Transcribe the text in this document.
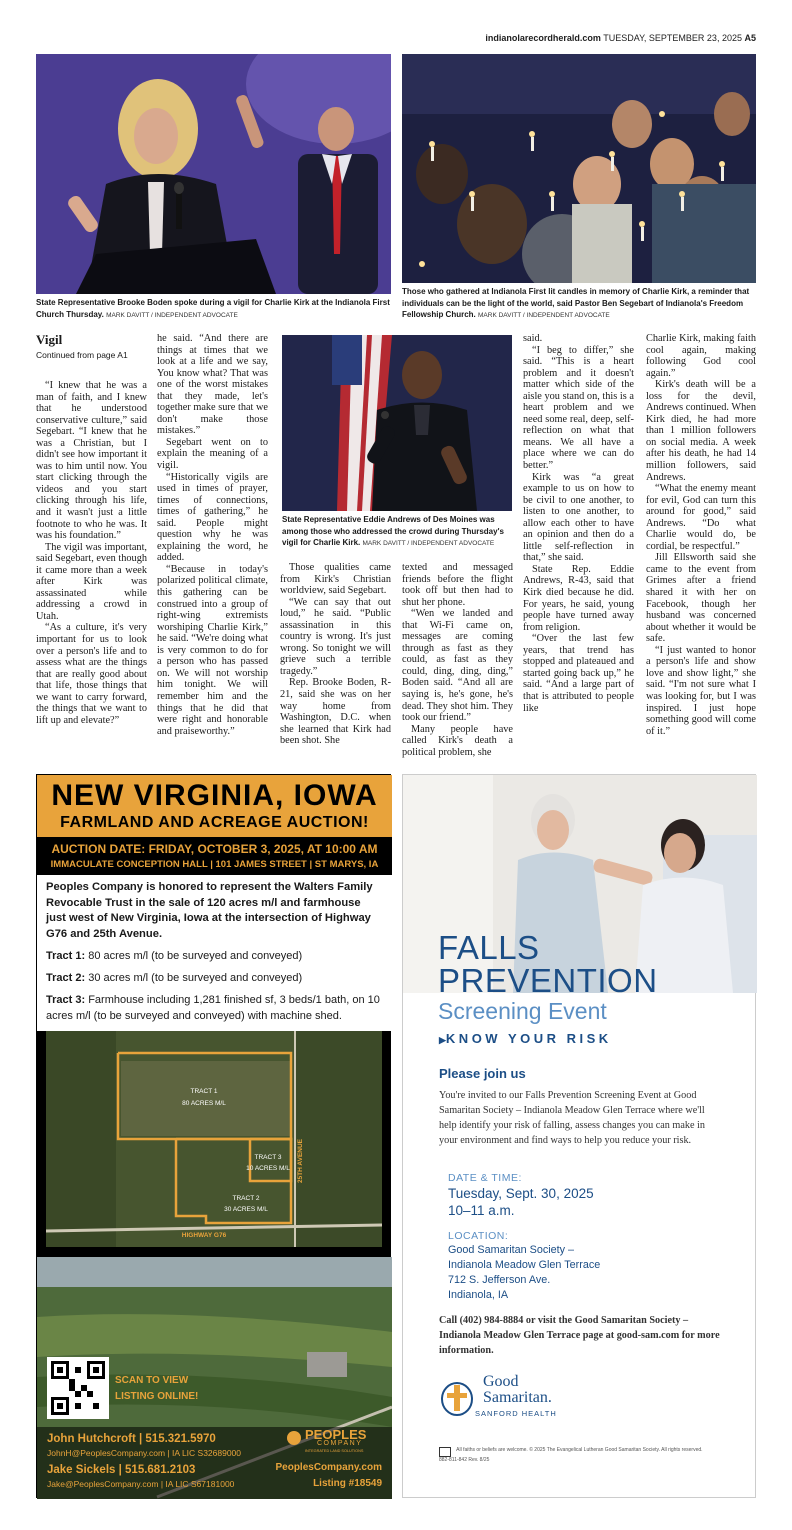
indianolarecordherald.com TUESDAY, SEPTEMBER 23, 2025 A5
State Representative Brooke Boden spoke during a vigil for Charlie Kirk at the Indianola First Church Thursday. MARK DAVITT / INDEPENDENT ADVOCATE
Those who gathered at Indianola First lit candles in memory of Charlie Kirk, a reminder that individuals can be the light of the world, said Pastor Ben Segebart of Indianola's Freedom Fellowship Church. MARK DAVITT / INDEPENDENT ADVOCATE
State Representative Eddie Andrews of Des Moines was among those who addressed the crowd during Thursday's vigil for Charlie Kirk. MARK DAVITT / INDEPENDENT ADVOCATE
Vigil
Continued from page A1

“I knew that he was a man of faith, and I knew that he understood conservative culture,” said Segebart. “I knew that he was a Christian, but I didn't see how important it was to him until now. You start clicking through the videos and you start clicking through his life, and it wasn't just a little footnote to who he was. It was his foundation.”

The vigil was important, said Segebart, even though it came more than a week after Kirk was assassinated while addressing a crowd in Utah.

“As a culture, it's very important for us to look over a person's life and to assess what are the things that are really good about that life, those things that we want to carry forward, the things that we want to lift up and elevate?”

he said. “And there are things at times that we look at a life and we say, You know what? That was one of the worst mistakes that they made, let's together make sure that we don't make those mistakes.”

Segebart went on to explain the meaning of a vigil.

“Historically vigils are used in times of prayer, times of connections, times of gathering,” he said. People might question why he was explaining the word, he added.

“Because in today's polarized political climate, this gathering can be construed into a group of right-wing extremists worshiping Charlie Kirk,” he said. “We're doing what is very common to do for a person who has passed on. We will not worship him tonight. We will remember him and the things that he did that were right and honorable and praiseworthy.”

Those qualities came from Kirk's Christian worldview, said Segebart.

“We can say that out loud,” he said. “Public assassination in this country is wrong. It's just wrong. So tonight we will grieve such a terrible tragedy.”

Rep. Brooke Boden, R-21, said she was on her way home from Washington, D.C. when she learned that Kirk had been shot. She

texted and messaged friends before the flight took off but then had to shut her phone.

“Wen we landed and that Wi-Fi came on, messages are coming through as fast as they could, as fast as they could, ding, ding, ding,” Boden said. “And all are saying is, he's gone, he's dead. They shot him. They took our friend.”

Many people have called Kirk's death a political problem, she

said.

“I beg to differ,” she said. “This is a heart problem and it doesn't matter which side of the aisle you stand on, this is a heart problem and we need some real, deep, self-reflection on what that means. We all have a place where we can do better.”

Kirk was “a great example to us on how to be civil to one another, to listen to one another, to allow each other to have an opinion and then do a little self-reflection in that,” she said.

State Rep. Eddie Andrews, R-43, said that Kirk died because he did. For years, he said, young people have turned away from religion.

“Over the last few years, that trend has stopped and plateaued and started going back up,” he said. “And a large part of that is attributed to people like

Charlie Kirk, making faith cool again, making following God cool again.”

Kirk's death will be a loss for the devil, Andrews continued. When Kirk died, he had more than 1 million followers on social media. A week after his death, he had 14 million followers, said Andrews.

“What the enemy meant for evil, God can turn this around for good,” said Andrews. “Do what Charlie would do, be cordial, be respectful.”

Jill Ellsworth said she came to the event from Grimes after a friend shared it with her on Facebook, though her husband was concerned about whether it would be safe.

“I just wanted to honor a person's life and show love and show light,” she said. “I'm not sure what I was looking for, but I was inspired. I just hope something good will come of it.”

NEW VIRGINIA, IOWA
FARMLAND AND ACREAGE AUCTION!
AUCTION DATE: FRIDAY, OCTOBER 3, 2025, AT 10:00 AM
IMMACULATE CONCEPTION HALL | 101 JAMES STREET | ST MARYS, IA
Peoples Company is honored to represent the Walters Family Revocable Trust in the sale of 120 acres m/l and farmhouse just west of New Virginia, Iowa at the intersection of Highway G76 and 25th Avenue.
Tract 1: 80 acres m/l (to be surveyed and conveyed)
Tract 2: 30 acres m/l (to be surveyed and conveyed)
Tract 3: Farmhouse including 1,281 finished sf, 3 beds/1 bath, on 10 acres m/l (to be surveyed and conveyed) with machine shed.
TRACT 1
80 ACRES M/L
TRACT 3
10 ACRES M/L
TRACT 2
30 ACRES M/L
25TH AVENUE
HIGHWAY G76
SCAN TO VIEW LISTING ONLINE!
John Hutchcroft | 515.321.5970
JohnH@PeoplesCompany.com | IA LIC S32689000
Jake Sickels | 515.681.2103
Jake@PeoplesCompany.com | IA LIC S67181000
PEOPLES
COMPANY
INTEGRATED LAND SOLUTIONS
PeoplesCompany.com
Listing #18549
FALLS
PREVENTION
Screening Event
▶KNOW YOUR RISK
Please join us
You're invited to our Falls Prevention Screening Event at Good Samaritan Society – Indianola Meadow Glen Terrace where we'll help identify your risk of falling, assess changes you can make in your environment and find ways to help you reduce your risk.
DATE & TIME:
Tuesday, Sept. 30, 2025
10–11 a.m.
LOCATION:
Good Samaritan Society –
Indianola Meadow Glen Terrace
712 S. Jefferson Ave.
Indianola, IA
Call (402) 984-8884 or visit the Good Samaritan Society – Indianola Meadow Glen Terrace page at good-sam.com for more information.
Good
Samaritan.
SANFORD HEALTH
All faiths or beliefs are welcome. © 2025 The Evangelical Lutheran Good Samaritan Society. All rights reserved.
882-811-842 Rev. 8/25
